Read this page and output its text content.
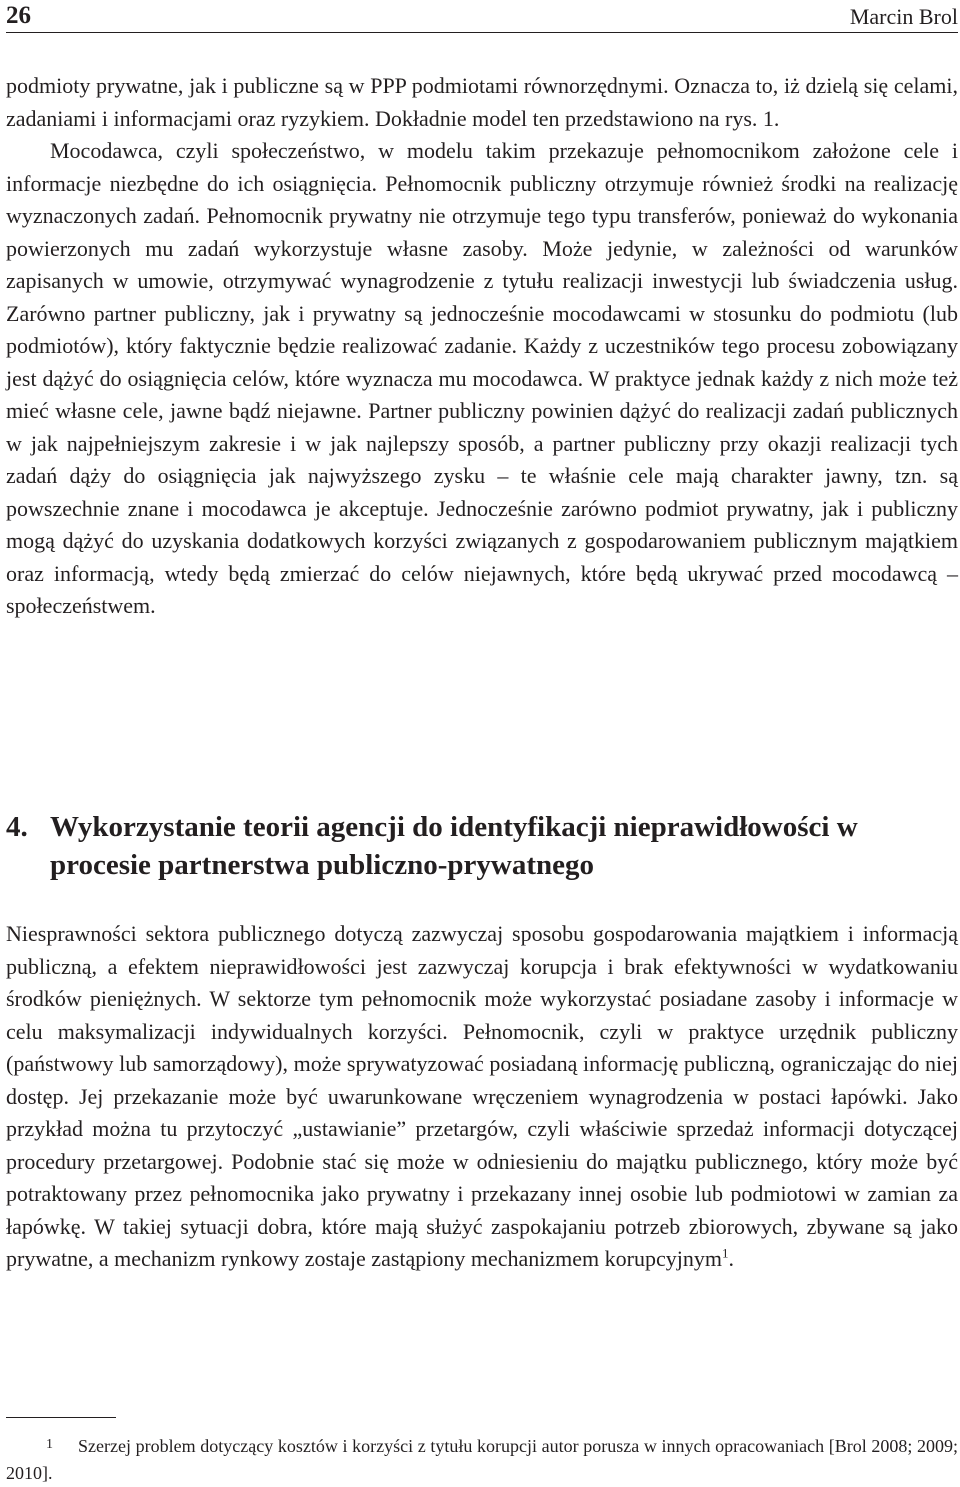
26	Marcin Brol

podmioty prywatne, jak i publiczne są w PPP podmiotami równorzędnymi. Oznacza to, iż dzielą się celami, zadaniami i informacjami oraz ryzykiem. Dokładnie model ten przedstawiono na rys. 1.

Mocodawca, czyli społeczeństwo, w modelu takim przekazuje pełnomocnikom założone cele i informacje niezbędne do ich osiągnięcia. Pełnomocnik publiczny otrzymuje również środki na realizację wyznaczonych zadań. Pełnomocnik prywatny nie otrzymuje tego typu transferów, ponieważ do wykonania powierzonych mu zadań wykorzystuje własne zasoby. Może jedynie, w zależności od warunków zapisanych w umowie, otrzymywać wynagrodzenie z tytułu realizacji inwestycji lub świadczenia usług. Zarówno partner publiczny, jak i prywatny są jednocześnie mocodawcami w stosunku do podmiotu (lub podmiotów), który faktycznie będzie realizować zadanie. Każdy z uczestników tego procesu zobowiązany jest dążyć do osiągnięcia celów, które wyznacza mu mocodawca. W praktyce jednak każdy z nich może też mieć własne cele, jawne bądź niejawne. Partner publiczny powinien dążyć do realizacji zadań publicznych w jak najpełniejszym zakresie i w jak najlepszy sposób, a partner publiczny przy okazji realizacji tych zadań dąży do osiągnięcia jak najwyższego zysku – te właśnie cele mają charakter jawny, tzn. są powszechnie znane i mocodawca je akceptuje. Jednocześnie zarówno podmiot prywatny, jak i publiczny mogą dążyć do uzyskania dodatkowych korzyści związanych z gospodarowaniem publicznym majątkiem oraz informacją, wtedy będą zmierzać do celów niejawnych, które będą ukrywać przed mocodawcą – społeczeństwem.

4. Wykorzystanie teorii agencji do identyfikacji nieprawidłowości w procesie partnerstwa publiczno-prywatnego

Niesprawności sektora publicznego dotyczą zazwyczaj sposobu gospodarowania majątkiem i informacją publiczną, a efektem nieprawidłowości jest zazwyczaj korupcja i brak efektywności w wydatkowaniu środków pieniężnych. W sektorze tym pełnomocnik może wykorzystać posiadane zasoby i informacje w celu maksymalizacji indywidualnych korzyści. Pełnomocnik, czyli w praktyce urzędnik publiczny (państwowy lub samorządowy), może sprywatyzować posiadaną informację publiczną, ograniczając do niej dostęp. Jej przekazanie może być uwarunkowane wręczeniem wynagrodzenia w postaci łapówki. Jako przykład można tu przytoczyć „ustawianie” przetargów, czyli właściwie sprzedaż informacji dotyczącej procedury przetargowej. Podobnie stać się może w odniesieniu do majątku publicznego, który może być potraktowany przez pełnomocnika jako prywatny i przekazany innej osobie lub podmiotowi w zamian za łapówkę. W takiej sytuacji dobra, które mają służyć zaspokajaniu potrzeb zbiorowych, zbywane są jako prywatne, a mechanizm rynkowy zostaje zastąpiony mechanizmem korupcyjnym$^1$.

1 Szerzej problem dotyczący kosztów i korzyści z tytułu korupcji autor porusza w innych opracowaniach [Brol 2008; 2009; 2010].
